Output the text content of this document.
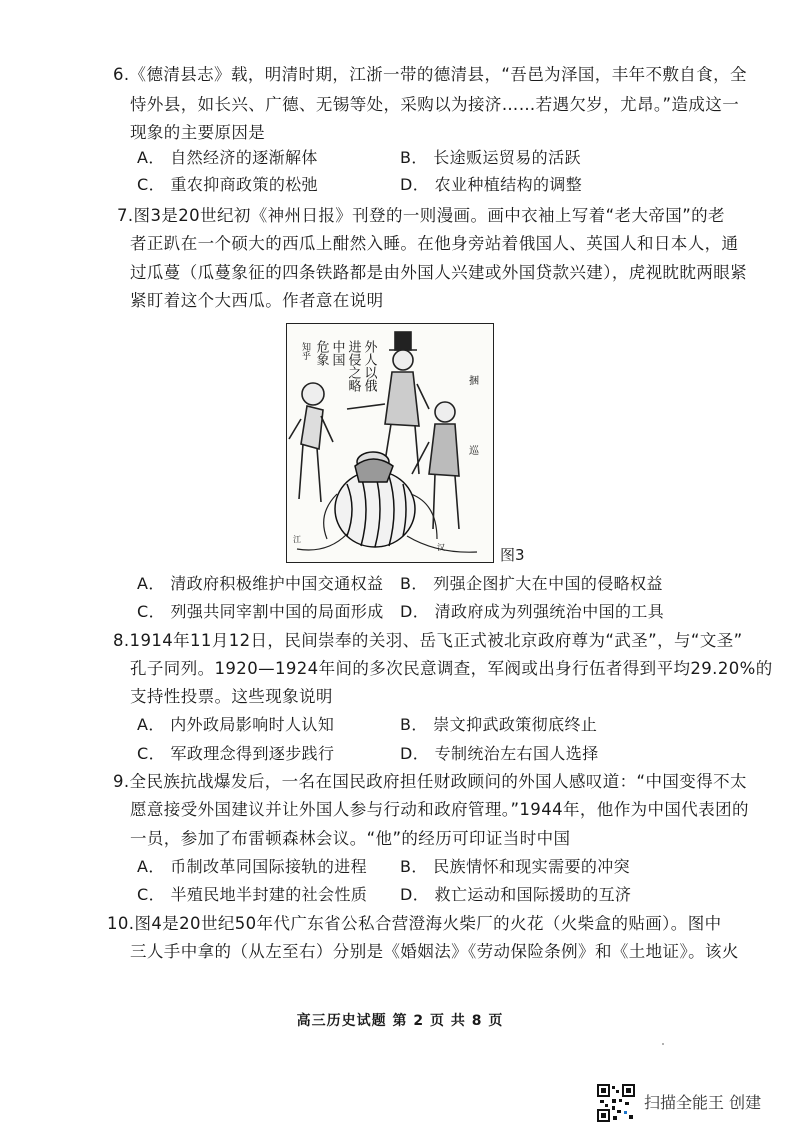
6.《德清县志》载，明清时期，江浙一带的德清县，“吾邑为泽国，丰年不敷自食，全
恃外县，如长兴、广德、无锡等处，采购以为接济……若遇欠岁，尤昂。”造成这一
现象的主要原因是
A． 自然经济的逐渐解体	B． 长途贩运贸易的活跃
C． 重农抑商政策的松弛	D． 农业种植结构的调整
7.图3是20世纪初《神州日报》刊登的一则漫画。画中衣袖上写着“老大帝国”的老
者正趴在一个硕大的西瓜上酣然入睡。在他身旁站着俄国人、英国人和日本人，通
过瓜蔓（瓜蔓象征的四条铁路都是由外国人兴建或外国贷款兴建），虎视眈眈两眼紧
紧盯着这个大西瓜。作者意在说明
外人以俄
进侵之略
中国
危象
知乎
捆
巡
江
汉	图3
A． 清政府积极维护中国交通权益 B． 列强企图扩大在中国的侵略权益
C． 列强共同宰割中国的局面形成 D． 清政府成为列强统治中国的工具
8.1914年11月12日，民间崇奉的关羽、岳飞正式被北京政府尊为“武圣”，与“文圣”
孔子同列。1920—1924年间的多次民意调查，军阀或出身行伍者得到平均29.20%的
支持性投票。这些现象说明
A． 内外政局影响时人认知	B． 崇文抑武政策彻底终止
C． 军政理念得到逐步践行	D． 专制统治左右国人选择
9.全民族抗战爆发后，一名在国民政府担任财政顾问的外国人感叹道：“中国变得不太
愿意接受外国建议并让外国人参与行动和政府管理。”1944年，他作为中国代表团的
一员，参加了布雷顿森林会议。“他”的经历可印证当时中国
A． 币制改革同国际接轨的进程 B． 民族情怀和现实需要的冲突
C． 半殖民地半封建的社会性质 D． 救亡运动和国际援助的互济
10.图4是20世纪50年代广东省公私合营澄海火柴厂的火花（火柴盒的贴画）。图中
三人手中拿的（从左至右）分别是《婚姻法》《劳动保险条例》和《土地证》。该火
高三历史试题 第 2 页 共 8 页
扫描全能王 创建
